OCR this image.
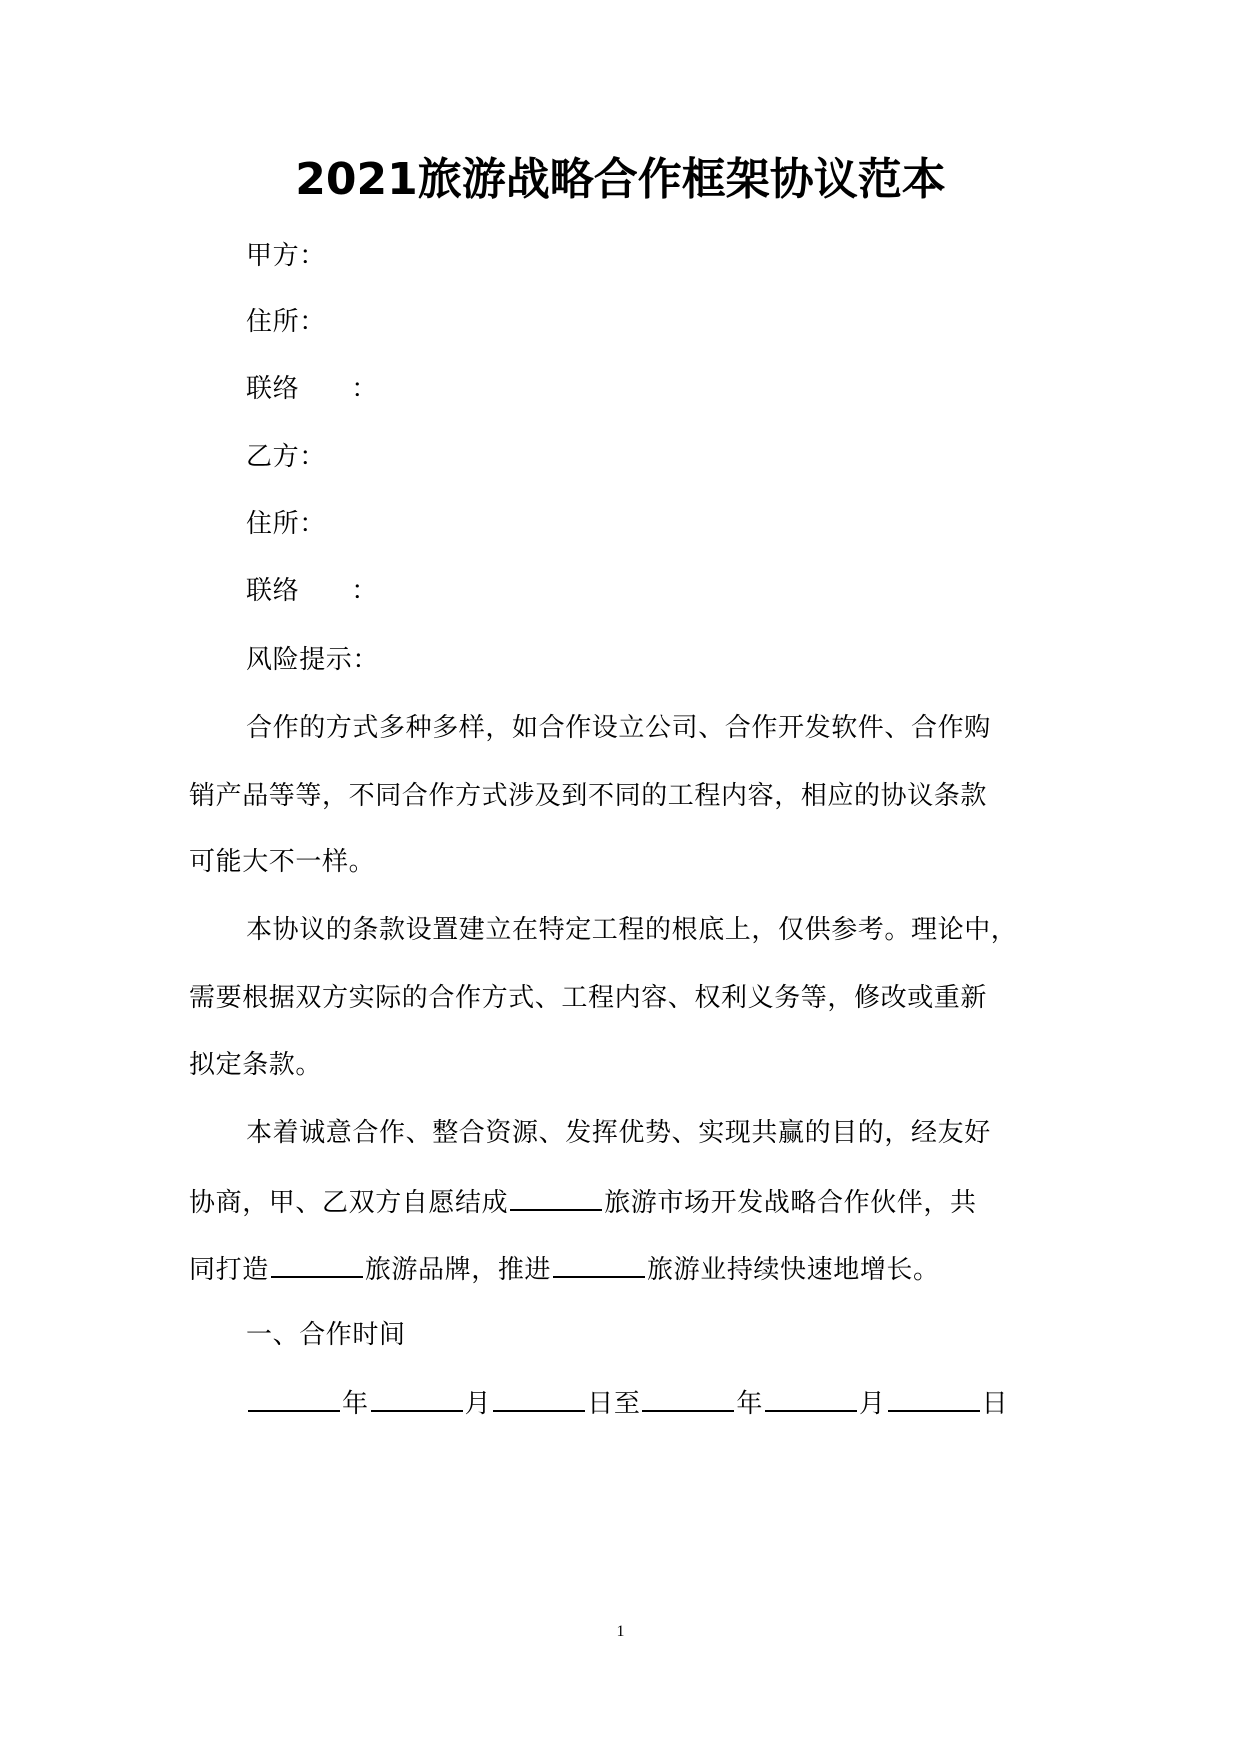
2021旅游战略合作框架协议范本
甲方：
住所：
联络 ：
乙方：
住所：
联络 ：
风险提示：
合作的方式多种多样，如合作设立公司、合作开发软件、合作购
销产品等等，不同合作方式涉及到不同的工程内容，相应的协议条款
可能大不一样。
本协议的条款设置建立在特定工程的根底上，仅供参考。理论中，
需要根据双方实际的合作方式、工程内容、权利义务等，修改或重新
拟定条款。
本着诚意合作、整合资源、发挥优势、实现共赢的目的，经友好
协商，甲、乙双方自愿结成	旅游市场开发战略合作伙伴，共
同打造	旅游品牌，推进	旅游业持续快速地增长。
一、合作时间
年	月	日至	年	月	日
1
